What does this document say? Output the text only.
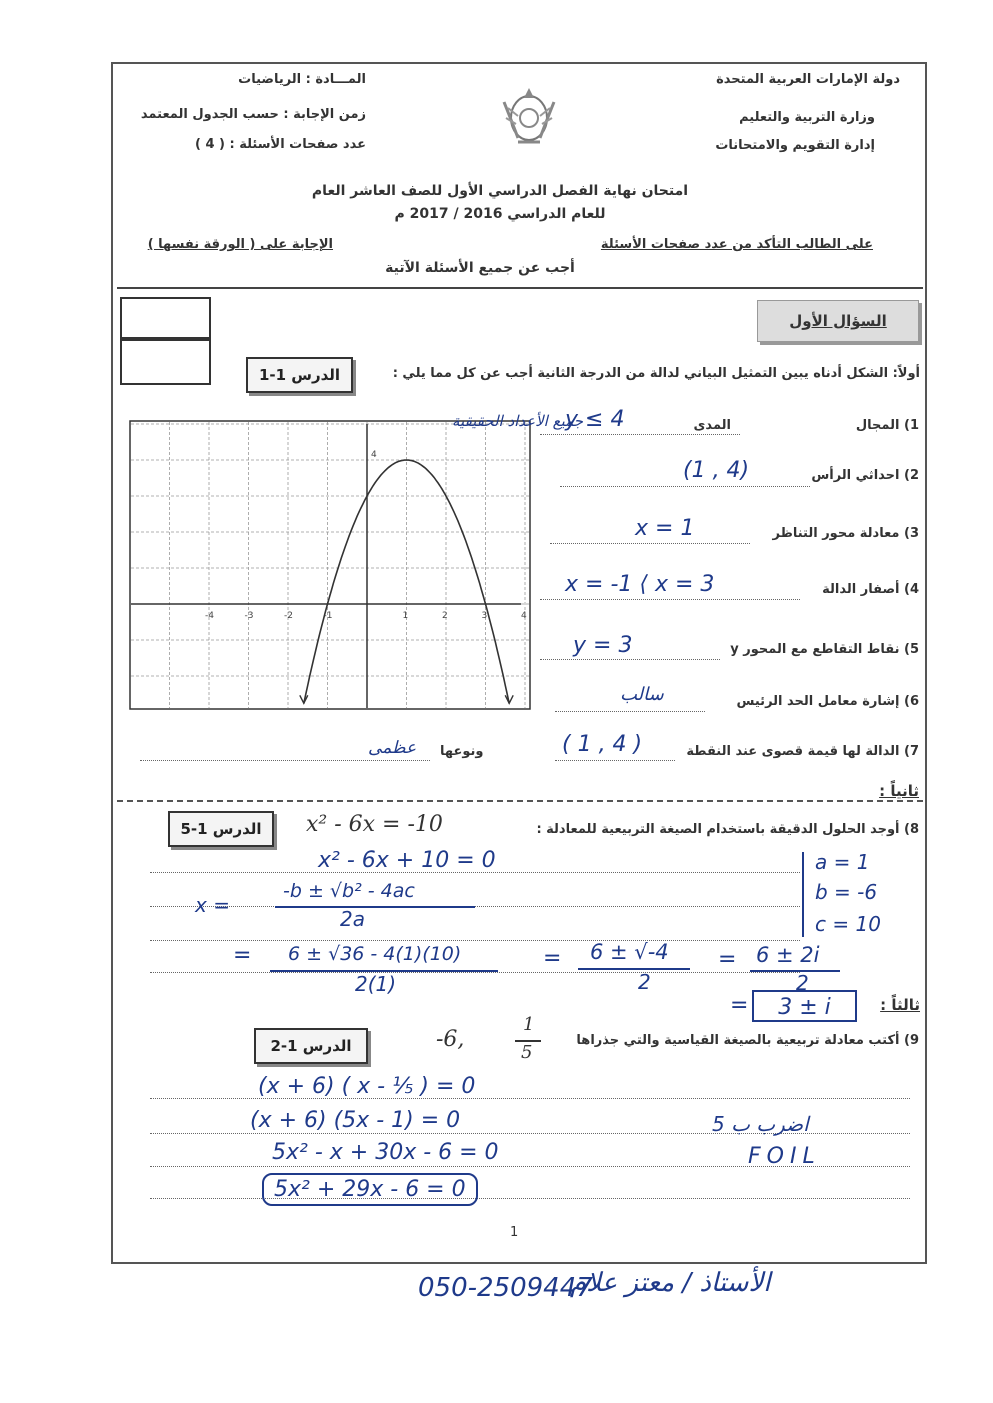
دولة الإمارات العربية المتحدة
وزارة التربية والتعليم
إدارة التقويم والامتحانات
المـــادة : الرياضيات
زمن الإجابة : حسب الجدول المعتمد
عدد صفحات الأسئلة : ( 4 )
امتحان نهاية الفصل الدراسي الأول للصف العاشر العام
للعام الدراسي 2016 / 2017 م
على الطالب التأكد من عدد صفحات الأسئلة
الإجابة على ( الورقة نفسها )
أجب عن جميع الأسئلة الآتية
السؤال الأول
أولاً: الشكل أدناه يبين التمثيل البياني لدالة من الدرجة الثانية أجب عن كل مما يلي :
الدرس 1-1
-4	-3	-2	-1	1	2	3	4
4
1) المجال
المدى
جميع الأعداد الحقيقية
y ≤ 4
2) احداثي الرأس
(1 , 4)
3) معادلة محور التناظر
x = 1
4) أصفار الدالة
x = -1 ⟨ x = 3
5) نقاط التقاطع مع المحور y
y = 3
6) إشارة معامل الحد الرئيس
سالب
7) الدالة لها قيمة قصوى عند النقطة
( 1 , 4 )
ونوعها
عظمى
ثانياً :
8) أوجد الحلول الدقيقة باستخدام الصيغة التربيعية للمعادلة :
x² - 6x = -10
الدرس 1-5
x² - 6x + 10 = 0	a = 1
b = -6
c = 10
x =
-b ± √b² - 4ac
2a
= 6 ± √36 - 4(1)(10)
2(1)
= 6 ± √-4
2
= 6 ± 2i
2
=	3 ± i	ثالثاً :
9) أكتب معادلة تربيعية بالصيغة القياسية والتي جذراها
-6,
1
5
الدرس 1-2
(x + 6) ( x - ⅕ ) = 0
(x + 6) (5x - 1) = 0
5x² - x + 30x - 6 = 0
5x² + 29x - 6 = 0
اضرب ب 5
FOIL
1
050-2509447
الأستاذ / معتز علام
